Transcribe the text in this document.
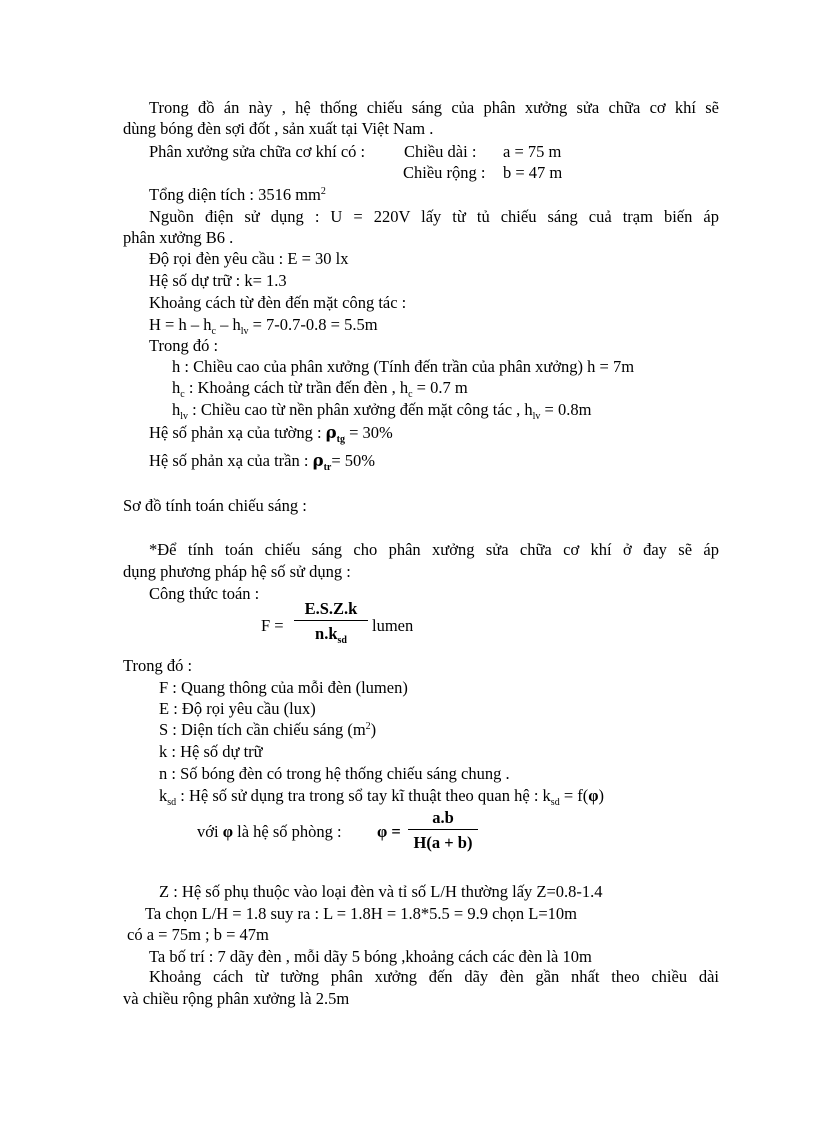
Trong đồ án này , hệ thống chiếu sáng của phân xưởng sửa chữa cơ khí sẽ
dùng bóng đèn sợi đốt , sản xuất tại Việt Nam .
Phân xưởng sửa chữa cơ khí có : Chiều dài : a = 75 m
Chiều rộng : b = 47 m
Tổng diện tích : 3516 $mm^2$
Nguồn điện sử dụng : U = 220V lấy từ tủ chiếu sáng cuả trạm biến áp
phân xưởng B6 .
Độ rọi đèn yêu cầu : E = 30 lx
Hệ số dự trữ : k= 1.3
Khoảng cách từ đèn đến mặt công tác :
$H = h - h_c - h_{lv} = 7-0.7-0.8 = 5.5m$
Trong đó :
h : Chiều cao của phân xưởng (Tính đến trần của phân xưởng) h = 7m
$h_c$ : Khoảng cách từ trần đến đèn , $h_c = 0.7$ m
$h_{lv}$ : Chiều cao từ nền phân xưởng đến mặt công tác , $h_{lv} = 0.8m$
Hệ số phản xạ của tường : $\rho_{tg} = 30\%$
Hệ số phản xạ của trần : $\rho_{tr}= 50\%$
Sơ đồ tính toán chiếu sáng :
*Để tính toán chiếu sáng cho phân xưởng sửa chữa cơ khí ở đay sẽ áp
dụng phương pháp hệ số sử dụng :
Công thức toán :
F =
E.S.Z.k
$n.k_{sd}$
lumen
Trong đó :
F : Quang thông của mỗi đèn (lumen)
E : Độ rọi yêu cầu (lux)
S : Diện tích cần chiếu sáng $(m^2)$
k : Hệ số dự trữ
n : Số bóng đèn có trong hệ thống chiếu sáng chung .
$k_{sd}$ : Hệ số sử dụng tra trong sổ tay kĩ thuật theo quan hệ : $k_{sd} = f(\varphi)$
với φ là hệ số phòng : φ =
a.b
H(a + b)
Z : Hệ số phụ thuộc vào loại đèn và tỉ số L/H thường lấy Z=0.8-1.4
Ta chọn L/H = 1.8 suy ra : L = 1.8H = 1.8*5.5 = 9.9 chọn L=10m
có a = 75m ; b = 47m
Ta bố trí : 7 dãy đèn , mỗi dãy 5 bóng ,khoảng cách các đèn là 10m
Khoảng cách từ tường phân xưởng đến dãy đèn gần nhất theo chiều dài
và chiều rộng phân xưởng là 2.5m
